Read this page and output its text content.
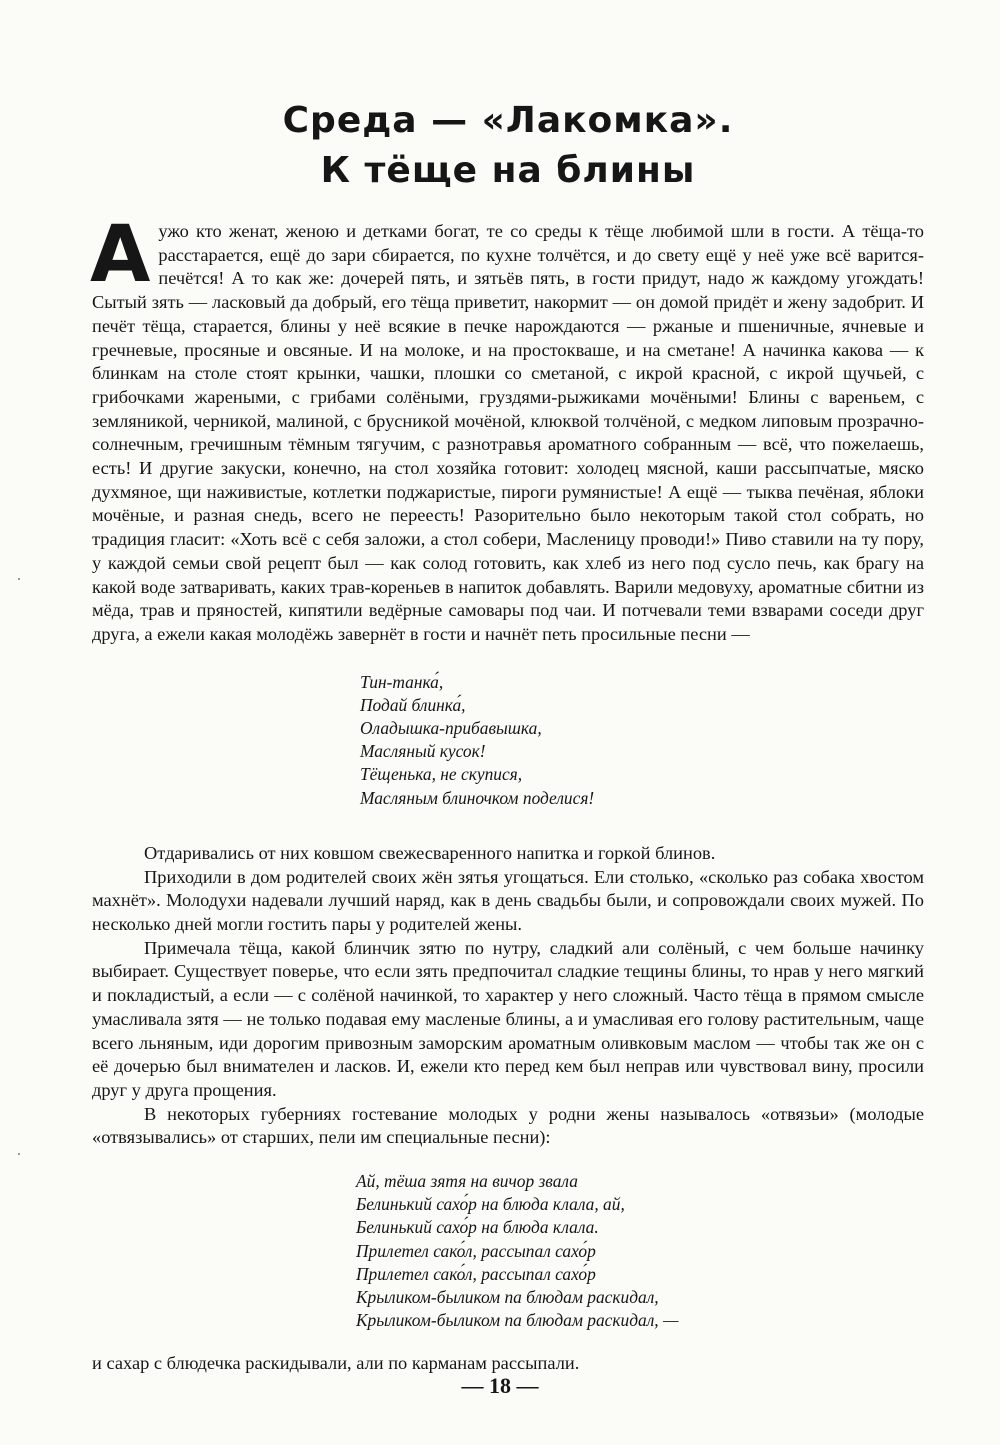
Среда — «Лакомка».
К тёще на блины

А ужо кто женат, женою и детками богат, те со среды к тёще любимой шли в гости. А тёща-то расстарается, ещё до зари сбирается, по кухне толчётся, и до свету ещё у неё уже всё варится-печётся! А то как же: дочерей пять, и зятьёв пять, в гости придут, надо ж каждому угождать! Сытый зять — ласковый да добрый, его тёща приветит, накормит — он домой придёт и жену задобрит. И печёт тёща, старается, блины у неё всякие в печке нарождаются — ржаные и пшеничные, ячневые и гречневые, просяные и овсяные. И на молоке, и на простокваше, и на сметане! А начинка какова — к блинкам на столе стоят крынки, чашки, плошки со сметаной, с икрой красной, с икрой щучьей, с грибочками жареными, с грибами солёными, груздями-рыжиками мочёными! Блины с вареньем, с земляникой, черникой, малиной, с брусникой мочёной, клюквой толчёной, с медком липовым прозрачно-солнечным, гречишным тёмным тягучим, с разнотравья ароматного собранным — всё, что пожелаешь, есть! И другие закуски, конечно, на стол хозяйка готовит: холодец мясной, каши рассыпчатые, мяско духмяное, щи наживистые, котлетки поджаристые, пироги румянистые! А ещё — тыква печёная, яблоки мочёные, и разная снедь, всего не переесть! Разорительно было некоторым такой стол собрать, но традиция гласит: «Хоть всё с себя заложи, а стол собери, Масленицу проводи!» Пиво ставили на ту пору, у каждой семьи свой рецепт был — как солод готовить, как хлеб из него под сусло печь, как брагу на какой воде затваривать, каких трав-кореньев в напиток добавлять. Варили медовуху, ароматные сбитни из мёда, трав и пряностей, кипятили ведёрные самовары под чаи. И потчевали теми взварами соседи друг друга, а ежели какая молодёжь завернёт в гости и начнёт петь просильные песни —

Тин-танка́,
Подай блинка́,
Оладышка-прибавышка,
Масляный кусок!
Тёщенька, не скупися,
Масляным блиночком поделися!

Отдаривались от них ковшом свежесваренного напитка и горкой блинов.

Приходили в дом родителей своих жён зятья угощаться. Ели столько, «сколько раз собака хвостом махнёт». Молодухи надевали лучший наряд, как в день свадьбы были, и сопровождали своих мужей. По несколько дней могли гостить пары у родителей жены.

Примечала тёща, какой блинчик зятю по нутру, сладкий али солёный, с чем больше начинку выбирает. Существует поверье, что если зять предпочитал сладкие тещины блины, то нрав у него мягкий и покладистый, а если — с солёной начинкой, то характер у него сложный. Часто тёща в прямом смысле умасливала зятя — не только подавая ему масленые блины, а и умасливая его голову растительным, чаще всего льняным, иди дорогим привозным заморским ароматным оливковым маслом — чтобы так же он с её дочерью был внимателен и ласков. И, ежели кто перед кем был неправ или чувствовал вину, просили друг у друга прощения.

В некоторых губерниях гостевание молодых у родни жены называлось «отвязьи» (молодые «отвязывались» от старших, пели им специальные песни):

Ай, тёша зятя на вичор звала
Белинький сахо́р на блюда клала, ай,
Белинький сахо́р на блюда клала.
Прилетел сако́л, рассыпал сахо́р
Прилетел сако́л, рассыпал сахо́р
Крыликом-быликом па блюдам раскидал,
Крыликом-быликом па блюдам раскидал, —

и сахар с блюдечка раскидывали, али по карманам рассыпали.

— 18 —
